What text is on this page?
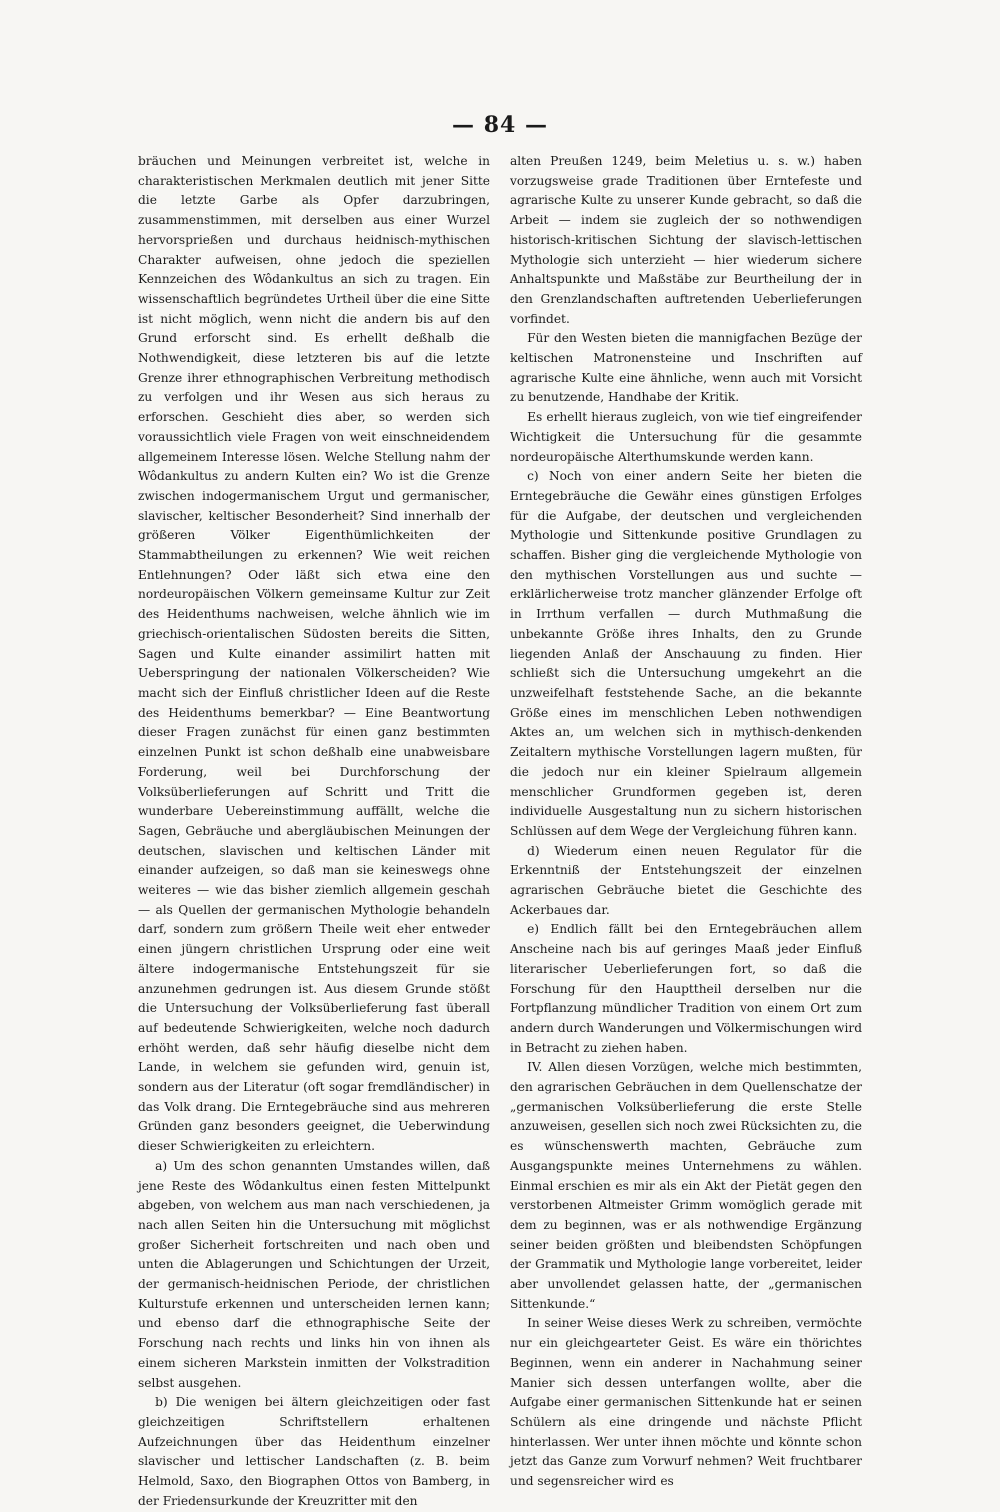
— 84 —

bräuchen und Meinungen verbreitet ist, welche in charakteristischen Merkmalen deutlich mit jener Sitte die letzte Garbe als Opfer darzubringen, zusammenstimmen, mit derselben aus einer Wurzel hervorsprießen und durchaus heidnisch-mythischen Charakter aufweisen, ohne jedoch die speziellen Kennzeichen des Wôdankultus an sich zu tragen. Ein wissenschaftlich begründetes Urtheil über die eine Sitte ist nicht möglich, wenn nicht die andern bis auf den Grund erforscht sind. Es erhellt deßhalb die Nothwendigkeit, diese letzteren bis auf die letzte Grenze ihrer ethnographischen Verbreitung methodisch zu verfolgen und ihr Wesen aus sich heraus zu erforschen. Geschieht dies aber, so werden sich voraussichtlich viele Fragen von weit einschneidendem allgemeinem Interesse lösen. Welche Stellung nahm der Wôdankultus zu andern Kulten ein? Wo ist die Grenze zwischen indogermanischem Urgut und germanischer, slavischer, keltischer Besonderheit? Sind innerhalb der größeren Völker Eigenthümlichkeiten der Stammabtheilungen zu erkennen? Wie weit reichen Entlehnungen? Oder läßt sich etwa eine den nordeuropäischen Völkern gemeinsame Kultur zur Zeit des Heidenthums nachweisen, welche ähnlich wie im griechisch-orientalischen Südosten bereits die Sitten, Sagen und Kulte einander assimilirt hatten mit Ueberspringung der nationalen Völkerscheiden? Wie macht sich der Einfluß christlicher Ideen auf die Reste des Heidenthums bemerkbar? — Eine Beantwortung dieser Fragen zunächst für einen ganz bestimmten einzelnen Punkt ist schon deßhalb eine unabweisbare Forderung, weil bei Durchforschung der Volksüberlieferungen auf Schritt und Tritt die wunderbare Uebereinstimmung auffällt, welche die Sagen, Gebräuche und abergläubischen Meinungen der deutschen, slavischen und keltischen Länder mit einander aufzeigen, so daß man sie keineswegs ohne weiteres — wie das bisher ziemlich allgemein geschah — als Quellen der germanischen Mythologie behandeln darf, sondern zum größern Theile weit eher entweder einen jüngern christlichen Ursprung oder eine weit ältere indogermanische Entstehungszeit für sie anzunehmen gedrungen ist. Aus diesem Grunde stößt die Untersuchung der Volksüberlieferung fast überall auf bedeutende Schwierigkeiten, welche noch dadurch erhöht werden, daß sehr häufig dieselbe nicht dem Lande, in welchem sie gefunden wird, genuin ist, sondern aus der Literatur (oft sogar fremdländischer) in das Volk drang. Die Erntegebräuche sind aus mehreren Gründen ganz besonders geeignet, die Ueberwindung dieser Schwierigkeiten zu erleichtern.

a) Um des schon genannten Umstandes willen, daß jene Reste des Wôdankultus einen festen Mittelpunkt abgeben, von welchem aus man nach verschiedenen, ja nach allen Seiten hin die Untersuchung mit möglichst großer Sicherheit fortschreiten und nach oben und unten die Ablagerungen und Schichtungen der Urzeit, der germanisch-heidnischen Periode, der christlichen Kulturstufe erkennen und unterscheiden lernen kann; und ebenso darf die ethnographische Seite der Forschung nach rechts und links hin von ihnen als einem sicheren Markstein inmitten der Volkstradition selbst ausgehen.

b) Die wenigen bei ältern gleichzeitigen oder fast gleichzeitigen Schriftstellern erhaltenen Aufzeichnungen über das Heidenthum einzelner slavischer und lettischer Landschaften (z. B. beim Helmold, Saxo, den Biographen Ottos von Bamberg, in der Friedensurkunde der Kreuzritter mit den

alten Preußen 1249, beim Meletius u. s. w.) haben vorzugsweise grade Traditionen über Erntefeste und agrarische Kulte zu unserer Kunde gebracht, so daß die Arbeit — indem sie zugleich der so nothwendigen historisch-kritischen Sichtung der slavisch-lettischen Mythologie sich unterzieht — hier wiederum sichere Anhaltspunkte und Maßstäbe zur Beurtheilung der in den Grenzlandschaften auftretenden Ueberlieferungen vorfindet.

Für den Westen bieten die mannigfachen Bezüge der keltischen Matronensteine und Inschriften auf agrarische Kulte eine ähnliche, wenn auch mit Vorsicht zu benutzende, Handhabe der Kritik.

Es erhellt hieraus zugleich, von wie tief eingreifender Wichtigkeit die Untersuchung für die gesammte nordeuropäische Alterthumskunde werden kann.

c) Noch von einer andern Seite her bieten die Erntegebräuche die Gewähr eines günstigen Erfolges für die Aufgabe, der deutschen und vergleichenden Mythologie und Sittenkunde positive Grundlagen zu schaffen. Bisher ging die vergleichende Mythologie von den mythischen Vorstellungen aus und suchte — erklärlicherweise trotz mancher glänzender Erfolge oft in Irrthum verfallen — durch Muthmaßung die unbekannte Größe ihres Inhalts, den zu Grunde liegenden Anlaß der Anschauung zu finden. Hier schließt sich die Untersuchung umgekehrt an die unzweifelhaft feststehende Sache, an die bekannte Größe eines im menschlichen Leben nothwendigen Aktes an, um welchen sich in mythisch-denkenden Zeitaltern mythische Vorstellungen lagern mußten, für die jedoch nur ein kleiner Spielraum allgemein menschlicher Grundformen gegeben ist, deren individuelle Ausgestaltung nun zu sichern historischen Schlüssen auf dem Wege der Vergleichung führen kann.

d) Wiederum einen neuen Regulator für die Erkenntniß der Entstehungszeit der einzelnen agrarischen Gebräuche bietet die Geschichte des Ackerbaues dar.

e) Endlich fällt bei den Erntegebräuchen allem Anscheine nach bis auf geringes Maaß jeder Einfluß literarischer Ueberlieferungen fort, so daß die Forschung für den Haupttheil derselben nur die Fortpflanzung mündlicher Tradition von einem Ort zum andern durch Wanderungen und Völkermischungen wird in Betracht zu ziehen haben.

IV. Allen diesen Vorzügen, welche mich bestimmten, den agrarischen Gebräuchen in dem Quellenschatze der „germanischen Volksüberlieferung die erste Stelle anzuweisen, gesellen sich noch zwei Rücksichten zu, die es wünschenswerth machten, Gebräuche zum Ausgangspunkte meines Unternehmens zu wählen. Einmal erschien es mir als ein Akt der Pietät gegen den verstorbenen Altmeister Grimm womöglich gerade mit dem zu beginnen, was er als nothwendige Ergänzung seiner beiden größten und bleibendsten Schöpfungen der Grammatik und Mythologie lange vorbereitet, leider aber unvollendet gelassen hatte, der „germanischen Sittenkunde.“

In seiner Weise dieses Werk zu schreiben, vermöchte nur ein gleichgearteter Geist. Es wäre ein thörichtes Beginnen, wenn ein anderer in Nachahmung seiner Manier sich dessen unterfangen wollte, aber die Aufgabe einer germanischen Sittenkunde hat er seinen Schülern als eine dringende und nächste Pflicht hinterlassen. Wer unter ihnen möchte und könnte schon jetzt das Ganze zum Vorwurf nehmen? Weit fruchtbarer und segensreicher wird es
